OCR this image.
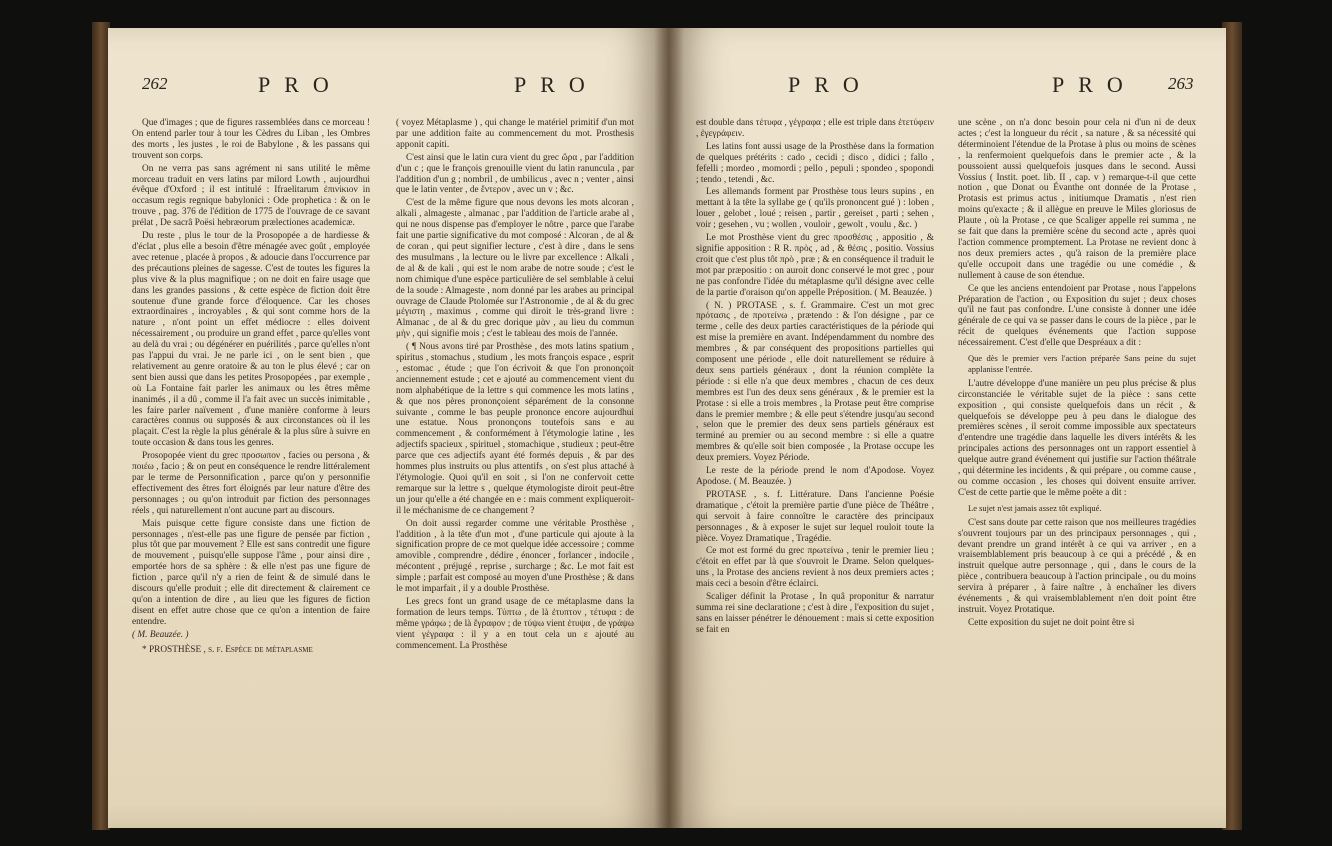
262	PRO	PRO

Que d'images ; que de figures rassemblées dans ce morceau ! On entend parler tour à tour les Cèdres du Liban , les Ombres des morts , les justes , le roi de Babylone , & les passans qui trouvent son corps.

On ne verra pas sans agrément ni sans utilité le même morceau traduit en vers latins par milord Lowth , aujourdhui évêque d'Oxford ; il est intitulé : Ifraelitarum ἐπινίκιον in occasum regis regnique babylonici : Ode prophetica : & on le trouve , pag. 376 de l'édition de 1775 de l'ouvrage de ce savant prélat , De sacrâ Poësi hebræorum prælectiones academicæ.

Du reste , plus le tour de la Prosopopée a de hardiesse & d'éclat , plus elle a besoin d'être ménagée avec goût , employée avec retenue , placée à propos , & adoucie dans l'occurrence par des précautions pleines de sagesse. C'est de toutes les figures la plus vive & la plus magnifique ; on ne doit en faire usage que dans les grandes passions , & cette espèce de fiction doit être soutenue d'une grande force d'éloquence. Car les choses extraordinaires , incroyables , & qui sont comme hors de la nature , n'ont point un effet médiocre : elles doivent nécessairement , ou produire un grand effet , parce qu'elles vont au delà du vrai ; ou dégénérer en puérilités , parce qu'elles n'ont pas l'appui du vrai. Je ne parle ici , on le sent bien , que relativement au genre oratoire & au ton le plus élevé ; car on sent bien aussi que dans les petites Prosopopées , par exemple , où La Fontaine fait parler les animaux ou les êtres même inanimés , il a dû , comme il l'a fait avec un succès inimitable , les faire parler naïvement , d'une manière conforme à leurs caractères connus ou supposés & aux circonstances où il les plaçait. C'est la règle la plus générale & la plus sûre à suivre en toute occasion & dans tous les genres.

Prosopopée vient du grec προσωπον , facies ou persona , & ποιέω , facio ; & on peut en conséquence le rendre littéralement par le terme de Personnification , parce qu'on y personnifie effectivement des êtres fort éloignés par leur nature d'être des personnages ; ou qu'on introduit par fiction des personnages réels , qui naturellement n'ont aucune part au discours.

Mais puisque cette figure consiste dans une fiction de personnages , n'est-elle pas une figure de pensée par fiction , plus tôt que par mouvement ? Elle est sans contredit une figure de mouvement , puisqu'elle suppose l'âme , pour ainsi dire , emportée hors de sa sphère : & elle n'est pas une figure de fiction , parce qu'il n'y a rien de feint & de simulé dans le discours qu'elle produit ; elle dit directement & clairement ce qu'on a intention de dire , au lieu que les figures de fiction disent en effet autre chose que ce qu'on a intention de faire entendre.

( M. Beauzée. )

* PROSTHÈSE , s. f. Espèce de métaplasme

( voyez Métaplasme ) , qui change le matériel primitif d'un mot par une addition faite au commencement du mot. Prosthesis apponit capiti.

C'est ainsi que le latin cura vient du grec ὤρα , par l'addition d'un c ; que le françois grenouille vient du latin ranuncula , par l'addition d'un g ; nombril , de umbilicus , avec n ; venter , ainsi que le latin venter , de ἔντερον , avec un v ; &c.

C'est de la même figure que nous devons les mots alcoran , alkali , almageste , almanac , par l'addition de l'article arabe al , qui ne nous dispense pas d'employer le nôtre , parce que l'arabe fait une partie significative du mot composé : Alcoran , de al & de coran , qui peut signifier lecture , c'est à dire , dans le sens des musulmans , la lecture ou le livre par excellence : Alkali , de al & de kali , qui est le nom arabe de notre soude ; c'est le nom chimique d'une espèce particulière de sel semblable à celui de la soude : Almageste , nom donné par les arabes au principal ouvrage de Claude Ptolomée sur l'Astronomie , de al & du grec μέγιστη , maximus , comme qui diroit le très-grand livre : Almanac , de al & du grec dorique μὰν , au lieu du commun μὴν , qui signifie mois ; c'est le tableau des mois de l'année.

( ¶ Nous avons tiré par Prosthèse , des mots latins spatium , spiritus , stomachus , studium , les mots françois espace , esprit , estomac , étude ; que l'on écrivoit & que l'on prononçoit anciennement estude ; cet e ajouté au commencement vient du nom alphabétique de la lettre s qui commence les mots latins , & que nos pères prononçoient séparément de la consonne suivante , comme le bas peuple prononce encore aujourdhui une estatue. Nous prononçons toutefois sans e au commencement , & conformément à l'étymologie latine , les adjectifs spacieux , spirituel , stomachique , studieux ; peut-être parce que ces adjectifs ayant été formés depuis , & par des hommes plus instruits ou plus attentifs , on s'est plus attaché à l'étymologie. Quoi qu'il en soit , si l'on ne confervoit cette remarque sur la lettre s , quelque étymologiste diroit peut-être un jour qu'elle a été changée en e : mais comment expliqueroit-il le méchanisme de ce changement ?

On doit aussi regarder comme une véritable Prosthèse , l'addition , à la tête d'un mot , d'une particule qui ajoute à la signification propre de ce mot quelque idée accessoire ; comme amovible , comprendre , dédire , énoncer , forlancer , indocile , mécontent , préjugé , reprise , surcharge ; &c. Le mot fait est simple ; parfait est composé au moyen d'une Prosthèse ; & dans le mot imparfait , il y a double Prosthèse.

Les grecs font un grand usage de ce métaplasme dans la formation de leurs temps. Τύπτω , de là ἐτυπτον , τέτυφα : de même γράφω ; de là ἔγραφον ; de τύψω vient ἐτυψα , de γράψω vient γέγραφα : il y a en tout cela un ε ajouté au commencement. La Prosthèse

PRO	PRO 263

est double dans τέτυφα , γέγραφα ; elle est triple dans ἐτετύφειν , ἐγεγράφειν.

Les latins font aussi usage de la Prosthèse dans la formation de quelques prétérits : cado , cecidi ; disco , didici ; fallo , fefelli ; mordeo , momordi ; pello , pepuli ; spondeo , spopondi ; tendo , tetendi , &c.

Les allemands forment par Prosthèse tous leurs supins , en mettant à la tête la syllabe ge ( qu'ils prononcent gué ) : loben , louer , gelobet , loué ; reisen , partir , gereiset , parti ; sehen , voir ; gesehen , vu ; wollen , vouloir , gewolt , voulu , &c. )

Le mot Prosthèse vient du grec προσθέσις , appositio , & signifie apposition : R R. πρὸς , ad , & θέσις , positio. Vossius croit que c'est plus tôt πρὸ , præ ; & en conséquence il traduit le mot par præpositio : on auroit donc conservé le mot grec , pour ne pas confondre l'idée du métaplasme qu'il désigne avec celle de la partie d'oraison qu'on appelle Préposition. ( M. Beauzée. )

( N. ) PROTASE , s. f. Grammaire. C'est un mot grec πρότασις , de προτείνω , prætendo : & l'on désigne , par ce terme , celle des deux parties caractéristiques de la période qui est mise la première en avant. Indépendamment du nombre des membres , & par conséquent des propositions partielles qui composent une période , elle doit naturellement se réduire à deux sens partiels généraux , dont la réunion complète la période : si elle n'a que deux membres , chacun de ces deux membres est l'un des deux sens généraux , & le premier est la Protase : si elle a trois membres , la Protase peut être comprise dans le premier membre ; & elle peut s'étendre jusqu'au second , selon que le premier des deux sens partiels généraux est terminé au premier ou au second membre : si elle a quatre membres & qu'elle soit bien composée , la Protase occupe les deux premiers. Voyez Période.

Le reste de la période prend le nom d'Apodose. Voyez Apodose. ( M. Beauzée. )

PROTASE , s. f. Littérature. Dans l'ancienne Poésie dramatique , c'étoit la première partie d'une pièce de Théâtre , qui servoit à faire connoître le caractère des principaux personnages , & à exposer le sujet sur lequel rouloit toute la pièce. Voyez Dramatique , Tragédie.

Ce mot est formé du grec πρωτείνω , tenir le premier lieu ; c'étoit en effet par là que s'ouvroit le Drame. Selon quelques-uns , la Protase des anciens revient à nos deux premiers actes ; mais ceci a besoin d'être éclairci.

Scaliger définit la Protase , In quâ proponitur & narratur summa rei sine declaratione ; c'est à dire , l'exposition du sujet , sans en laisser pénétrer le dénouement : mais si cette exposition se fait en

une scène , on n'a donc besoin pour cela ni d'un ni de deux actes ; c'est la longueur du récit , sa nature , & sa nécessité qui déterminoient l'étendue de la Protase à plus ou moins de scènes , la renfermoient quelquefois dans le premier acte , & la poussoient aussi quelquefois jusques dans le second. Aussi Vossius ( Instit. poet. lib. II , cap. v ) remarque-t-il que cette notion , que Donat ou Évanthe ont donnée de la Protase , Protasis est primus actus , initiumque Dramatis , n'est rien moins qu'exacte ; & il allègue en preuve le Miles gloriosus de Plaute , où la Protase , ce que Scaliger appelle rei summa , ne se fait que dans la première scène du second acte , après quoi l'action commence promptement. La Protase ne revient donc à nos deux premiers actes , qu'à raison de la première place qu'elle occupoit dans une tragédie ou une comédie , & nullement à cause de son étendue.

Ce que les anciens entendoient par Protase , nous l'appelons Préparation de l'action , ou Exposition du sujet ; deux choses qu'il ne faut pas confondre. L'une consiste à donner une idée générale de ce qui va se passer dans le cours de la pièce , par le récit de quelques événements que l'action suppose nécessairement. C'est d'elle que Despréaux a dit :

Que dès le premier vers l'action préparée Sans peine du sujet applanisse l'entrée.

L'autre développe d'une manière un peu plus précise & plus circonstanciée le véritable sujet de la pièce : sans cette exposition , qui consiste quelquefois dans un récit , & quelquefois se développe peu à peu dans le dialogue des premières scènes , il seroit comme impossible aux spectateurs d'entendre une tragédie dans laquelle les divers intérêts & les principales actions des personnages ont un rapport essentiel à quelque autre grand événement qui justifie sur l'action théâtrale , qui détermine les incidents , & qui prépare , ou comme cause , ou comme occasion , les choses qui doivent ensuite arriver. C'est de cette partie que le même poëte a dit :

Le sujet n'est jamais assez tôt expliqué.

C'est sans doute par cette raison que nos meilleures tragédies s'ouvrent toujours par un des principaux personnages , qui , devant prendre un grand intérêt à ce qui va arriver , en a vraisemblablement pris beaucoup à ce qui a précédé , & en instruit quelque autre personnage , qui , dans le cours de la pièce , contribuera beaucoup à l'action principale , ou du moins servira à préparer , à faire naître , à enchaîner les divers événements , & qui vraisemblablement n'en doit point être instruit. Voyez Protatique.

Cette exposition du sujet ne doit point être si
